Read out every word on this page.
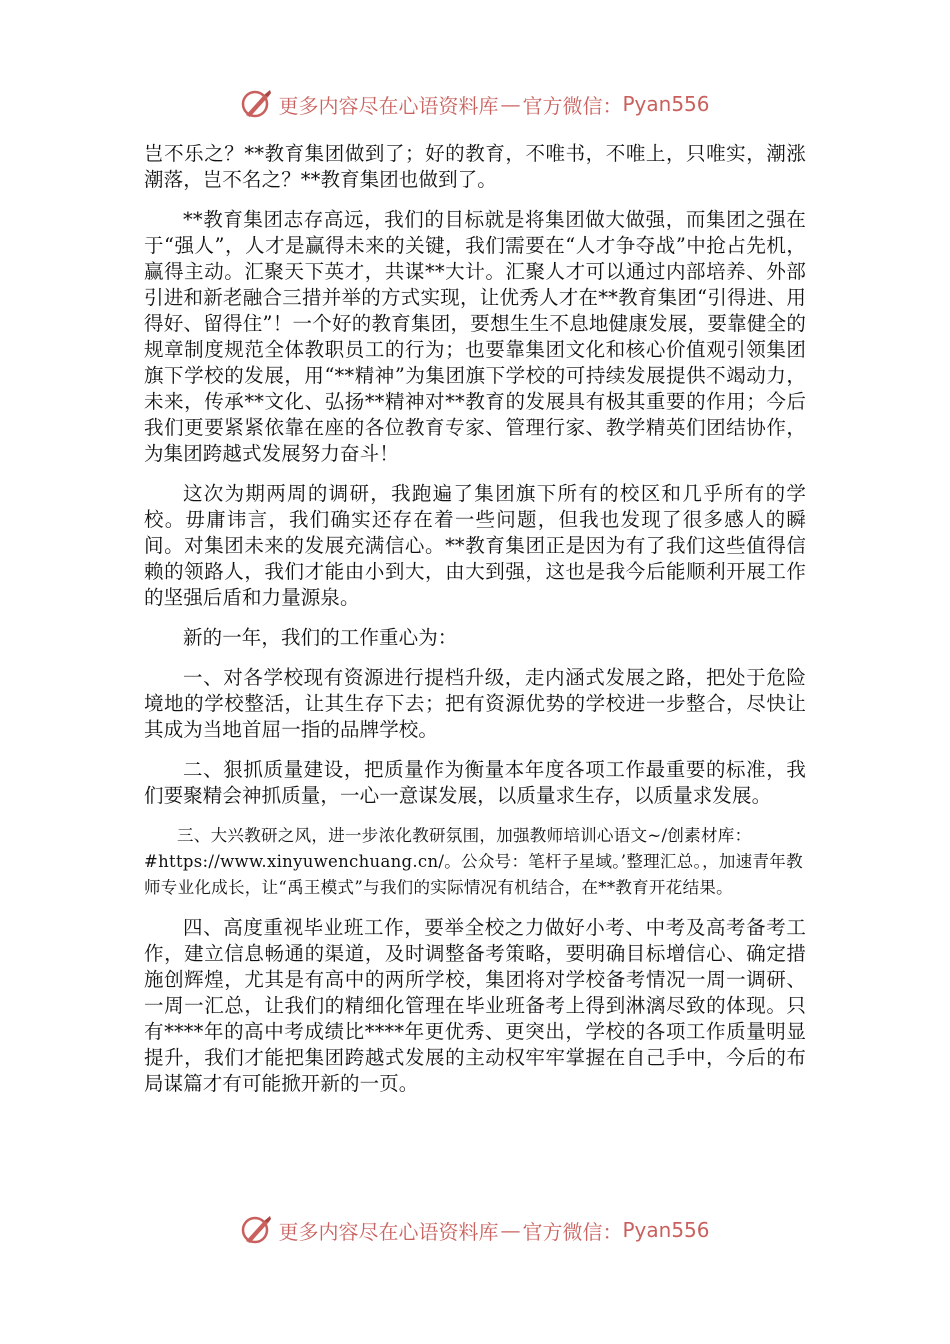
更多内容尽在心语资料库 — 官方微信： Pyan556

岂不乐之？**教育集团做到了；好的教育，不唯书，不唯上，只唯实，潮涨潮落，岂不名之？**教育集团也做到了。

**教育集团志存高远，我们的目标就是将集团做大做强，而集团之强在于“强人”，人才是赢得未来的关键，我们需要在“人才争夺战”中抢占先机，赢得主动。汇聚天下英才，共谋**大计。汇聚人才可以通过内部培养、外部引进和新老融合三措并举的方式实现，让优秀人才在**教育集团“引得进、用得好、留得住”！一个好的教育集团，要想生生不息地健康发展，要靠健全的规章制度规范全体教职员工的行为；也要靠集团文化和核心价值观引领集团旗下学校的发展，用“**精神”为集团旗下学校的可持续发展提供不竭动力，未来，传承**文化、弘扬**精神对**教育的发展具有极其重要的作用；今后我们更要紧紧依靠在座的各位教育专家、管理行家、教学精英们团结协作，为集团跨越式发展努力奋斗！

这次为期两周的调研，我跑遍了集团旗下所有的校区和几乎所有的学校。毋庸讳言，我们确实还存在着一些问题，但我也发现了很多感人的瞬间。对集团未来的发展充满信心。**教育集团正是因为有了我们这些值得信赖的领路人，我们才能由小到大，由大到强，这也是我今后能顺利开展工作的坚强后盾和力量源泉。

新的一年，我们的工作重心为：

一、对各学校现有资源进行提档升级，走内涵式发展之路，把处于危险境地的学校整活，让其生存下去；把有资源优势的学校进一步整合，尽快让其成为当地首屈一指的品牌学校。

二、狠抓质量建设，把质量作为衡量本年度各项工作最重要的标准，我们要聚精会神抓质量，一心一意谋发展，以质量求生存，以质量求发展。

三、大兴教研之风，进一步浓化教研氛围，加强教师培训心语文~/创素材库：#https://www.xinyuwenchuang.cn/。公众号：笔杆子星域。’整理汇总。，加速青年教师专业化成长，让“禹王模式”与我们的实际情况有机结合，在**教育开花结果。

四、高度重视毕业班工作，要举全校之力做好小考、中考及高考备考工作，建立信息畅通的渠道，及时调整备考策略，要明确目标增信心、确定措施创辉煌，尤其是有高中的两所学校，集团将对学校备考情况一周一调研、一周一汇总，让我们的精细化管理在毕业班备考上得到淋漓尽致的体现。只有****年的高中考成绩比****年更优秀、更突出，学校的各项工作质量明显提升，我们才能把集团跨越式发展的主动权牢牢掌握在自己手中，今后的布局谋篇才有可能掀开新的一页。

更多内容尽在心语资料库 — 官方微信： Pyan556
